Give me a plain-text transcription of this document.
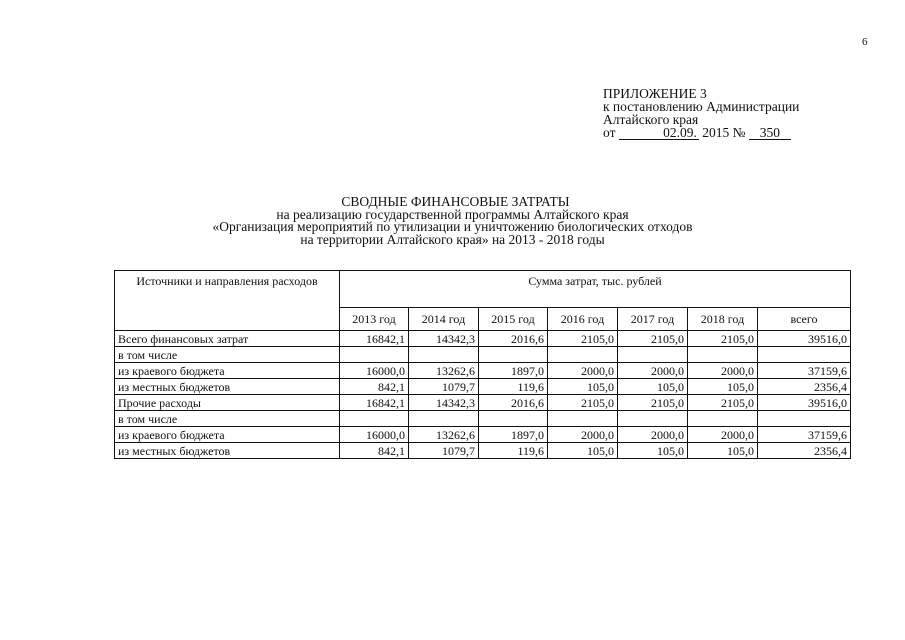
6
ПРИЛОЖЕНИЕ 3
к постановлению Администрации
Алтайского края
от	02.09. 2015 № 350
СВОДНЫЕ ФИНАНСОВЫЕ ЗАТРАТЫ
на реализацию государственной программы Алтайского края
«Организация мероприятий по утилизации и уничтожению биологических отходов
на территории Алтайского края» на 2013 - 2018 годы
Источники и направления расходов	Сумма затрат, тыс. рублей						
	2013 год	2014 год	2015 год	2016 год	2017 год	2018 год	всего
Всего финансовых затрат	16842,1	14342,3	2016,6	2105,0	2105,0	2105,0	39516,0
в том числе							
из краевого бюджета	16000,0	13262,6	1897,0	2000,0	2000,0	2000,0	37159,6
из местных бюджетов	842,1	1079,7	119,6	105,0	105,0	105,0	2356,4
Прочие расходы	16842,1	14342,3	2016,6	2105,0	2105,0	2105,0	39516,0
в том числе							
из краевого бюджета	16000,0	13262,6	1897,0	2000,0	2000,0	2000,0	37159,6
из местных бюджетов	842,1	1079,7	119,6	105,0	105,0	105,0	2356,4
